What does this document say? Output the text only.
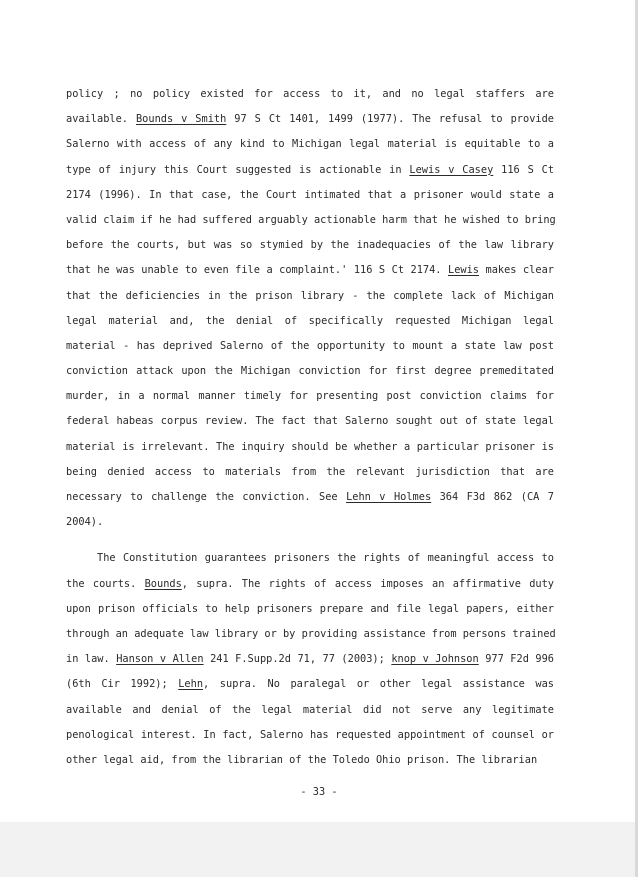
policy ; no policy existed for access to it, and no legal staffers are
available. Bounds v Smith 97 S Ct 1401, 1499 (1977). The refusal to provide
Salerno with access of any kind to Michigan legal material is equitable to a
type of injury this Court suggested is actionable in Lewis v Casey 116 S Ct
2174 (1996). In that case, the Court intimated that a prisoner would state a
valid claim if he had suffered arguably actionable harm that he wished to bring
before the courts, but was so stymied by the inadequacies of the law library
that he was unable to even file a complaint.' 116 S Ct 2174. Lewis makes clear
that the deficiencies in the prison library - the complete lack of Michigan
legal material and, the denial of specifically requested Michigan legal
material - has deprived Salerno of the opportunity to mount a state law post
conviction attack upon the Michigan conviction for first degree premeditated
murder, in a normal manner timely for presenting post conviction claims for
federal habeas corpus review. The fact that Salerno sought out of state legal
material is irrelevant. The inquiry should be whether a particular prisoner is
being denied access to materials from the relevant jurisdiction that are
necessary to challenge the conviction. See Lehn v Holmes 364 F3d 862 (CA 7
2004).
The Constitution guarantees prisoners the rights of meaningful access to
the courts. Bounds, supra. The rights of access imposes an affirmative duty
upon prison officials to help prisoners prepare and file legal papers, either
through an adequate law library or by providing assistance from persons trained
in law. Hanson v Allen 241 F.Supp.2d 71, 77 (2003); knop v Johnson 977 F2d 996
(6th Cir 1992); Lehn, supra. No paralegal or other legal assistance was
available and denial of the legal material did not serve any legitimate
penological interest. In fact, Salerno has requested appointment of counsel or
other legal aid, from the librarian of the Toledo Ohio prison. The librarian
- 33 -
